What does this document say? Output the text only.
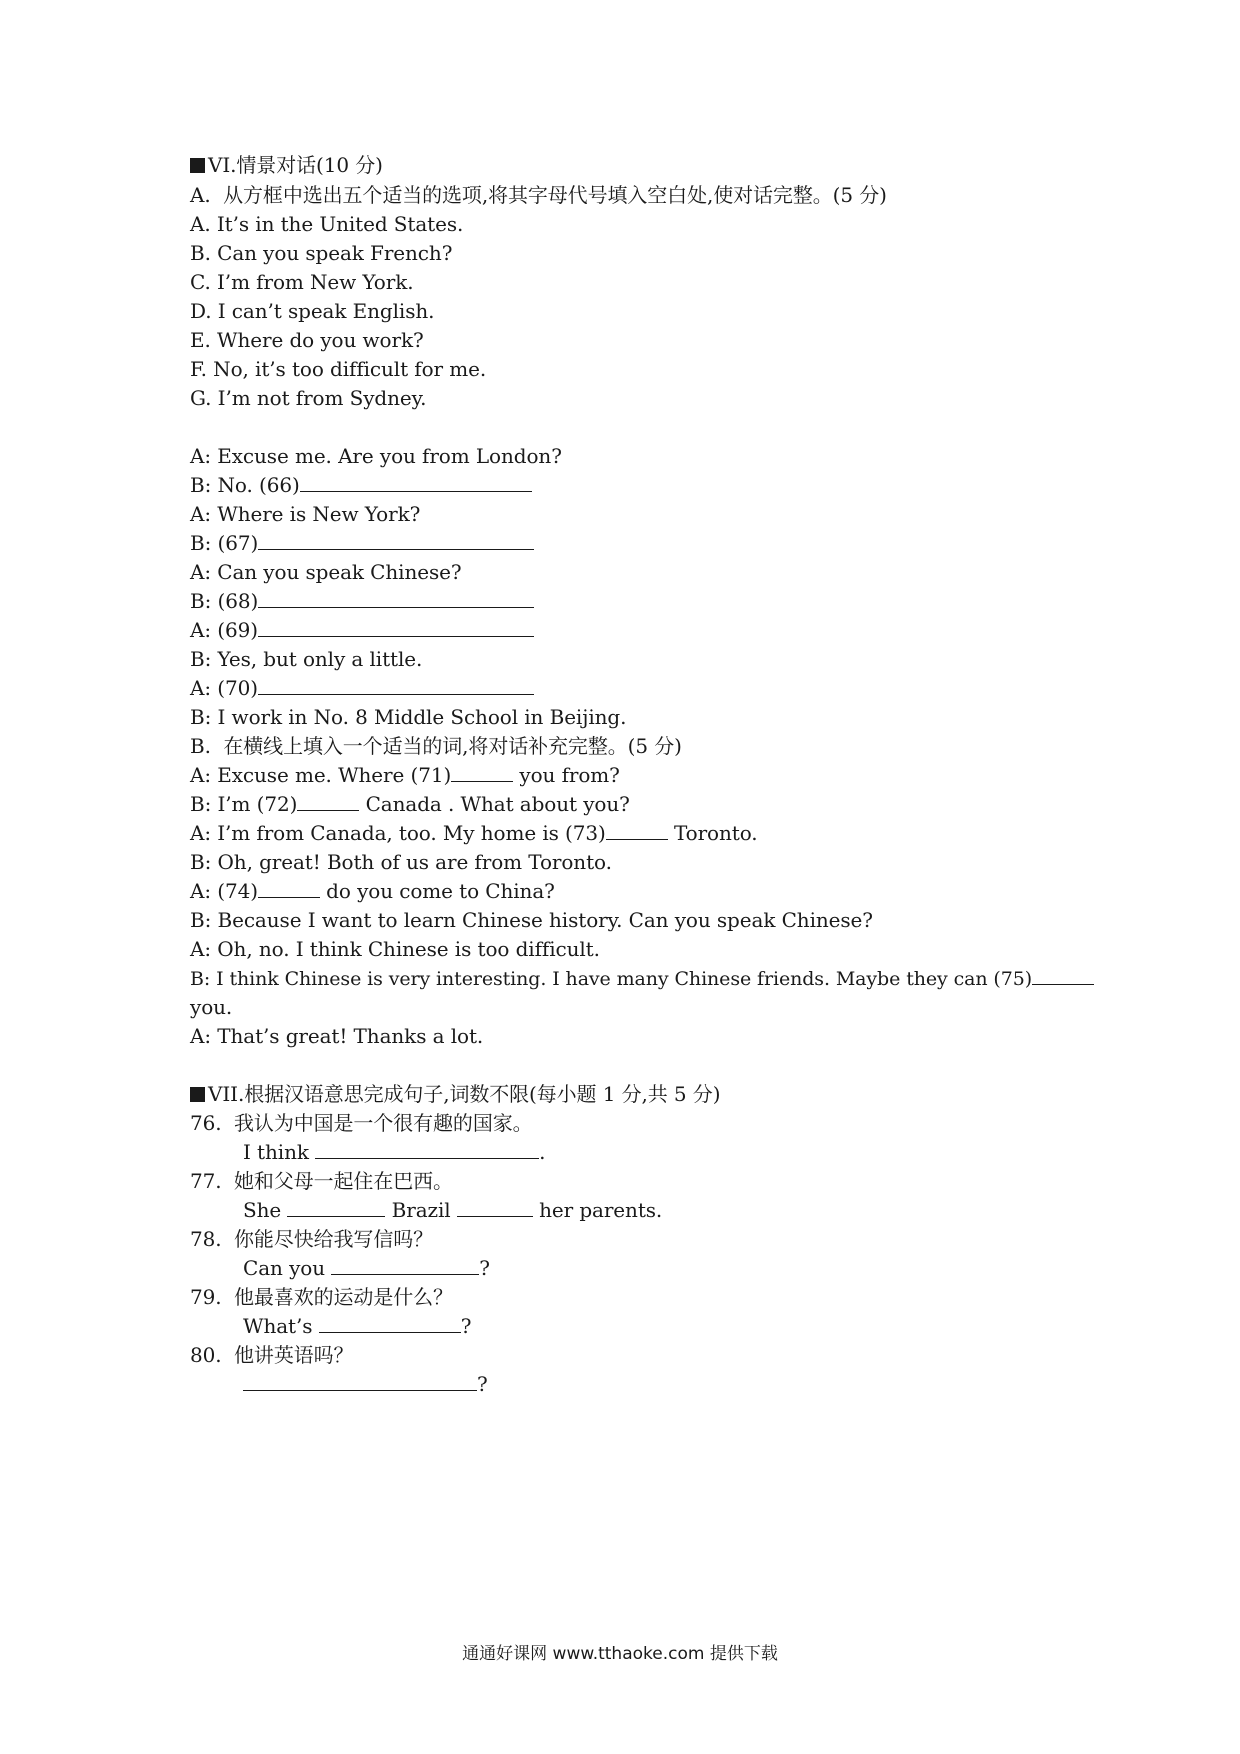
VI.情景对话(10 分)
A.  从方框中选出五个适当的选项,将其字母代号填入空白处,使对话完整。(5 分)
A. It’s in the United States.
B. Can you speak French?
C. I’m from New York.
D. I can’t speak English.
E. Where do you work?
F. No, it’s too difficult for me.
G. I’m not from Sydney.
A: Excuse me. Are you from London?
B: No. (66)
A: Where is New York?
B: (67)
A: Can you speak Chinese?
B: (68)
A: (69)
B: Yes, but only a little.
A: (70)
B: I work in No. 8 Middle School in Beijing.
B.  在横线上填入一个适当的词,将对话补充完整。(5 分)
A: Excuse me. Where (71)	you from?
B: I’m (72)	Canada . What about you?
A: I’m from Canada, too. My home is (73)	Toronto.
B: Oh, great! Both of us are from Toronto.
A: (74)	do you come to China?
B: Because I want to learn Chinese history. Can you speak Chinese?
A: Oh, no. I think Chinese is too difficult.
B: I think Chinese is very interesting. I have many Chinese friends. Maybe they can (75)
you.
A: That’s great! Thanks a lot.
VII.根据汉语意思完成句子,词数不限(每小题 1 分,共 5 分)
76.  我认为中国是一个很有趣的国家。
I think	.
77.  她和父母一起住在巴西。
She	Brazil	her parents.
78.  你能尽快给我写信吗？
Can you	?
79.  他最喜欢的运动是什么？
What’s	?
80.  他讲英语吗？
?
通通好课网 www.tthaoke.com 提供下载
